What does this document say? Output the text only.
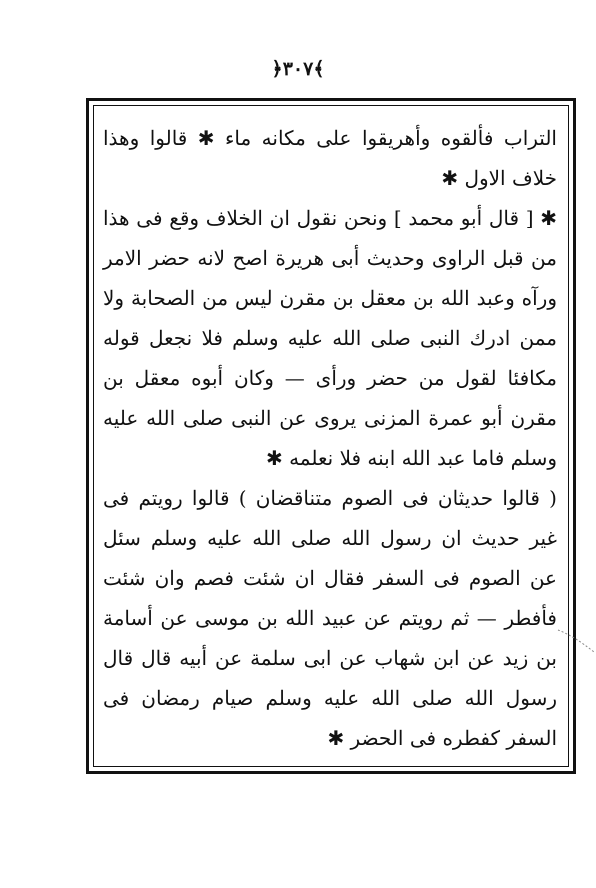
﴿٣٠٧﴾

التراب فألقوه وأهريقوا على مكانه ماء ✱ قالوا وهذا خلاف الاول ✱

✱ [ قال أبو محمد ] ونحن نقول ان الخلاف وقع فى هذا من قبل الراوى وحديث أبى هريرة اصح لانه حضر الامر ورآه وعبد الله بن معقل بن مقرن ليس من الصحابة ولا ممن ادرك النبى صلى الله عليه وسلم فلا نجعل قوله مكافئا لقول من حضر ورأى — وكان أبوه معقل بن مقرن أبو عمرة المزنى يروى عن النبى صلى الله عليه وسلم فاما عبد الله ابنه فلا نعلمه ✱

( قالوا حديثان فى الصوم متناقضان ) قالوا رويتم فى غير حديث ان رسول الله صلى الله عليه وسلم سئل عن الصوم فى السفر فقال ان شئت فصم وان شئت فأفطر — ثم رويتم عن عبيد الله بن موسى عن أسامة بن زيد عن ابن شهاب عن ابى سلمة عن أبيه قال قال رسول الله صلى الله عليه وسلم صيام رمضان فى السفر كفطره فى الحضر ✱
